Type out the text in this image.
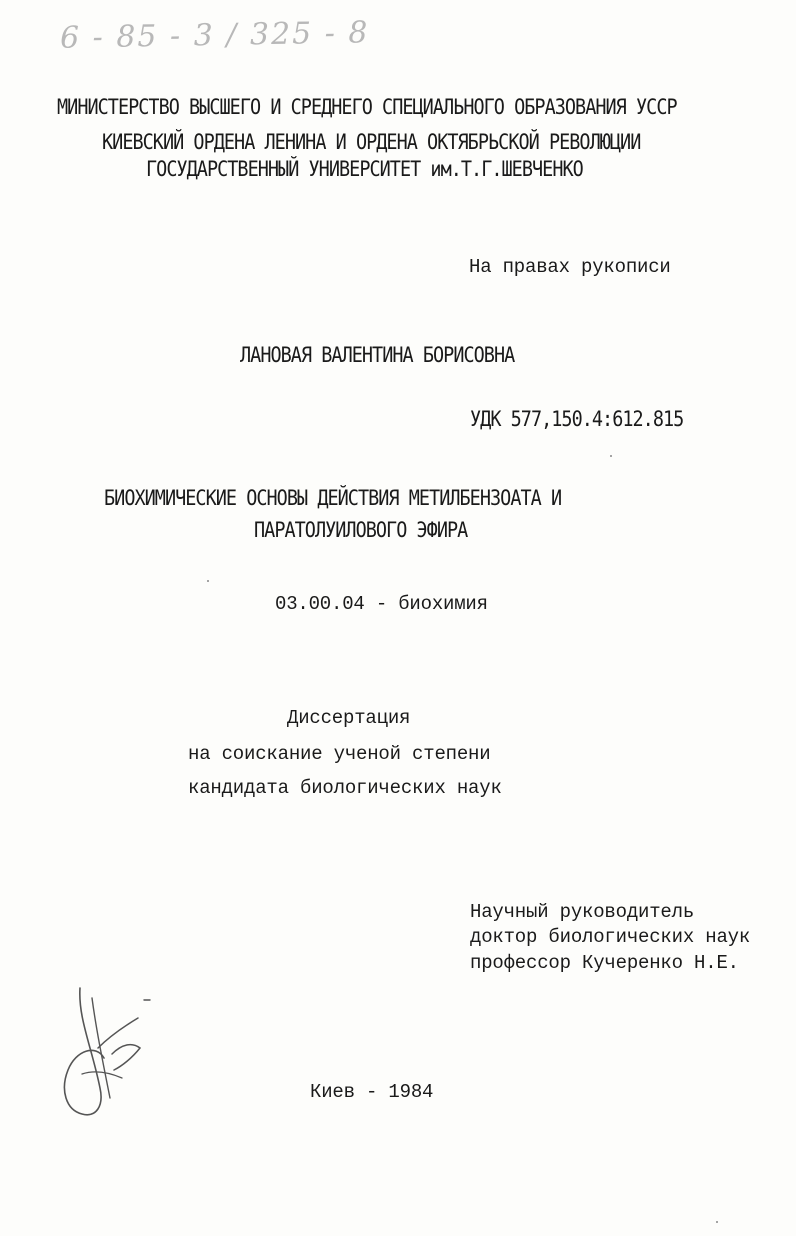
6 - 85 - 3 / 325 - 8
МИНИСТЕРСТВО ВЫСШЕГО И СРЕДНЕГО СПЕЦИАЛЬНОГО ОБРАЗОВАНИЯ УССР
КИЕВСКИЙ ОРДЕНА ЛЕНИНА И ОРДЕНА ОКТЯБРЬСКОЙ РЕВОЛЮЦИИ
ГОСУДАРСТВЕННЫЙ УНИВЕРСИТЕТ им.Т.Г.ШЕВЧЕНКО
На правах рукописи
ЛАНОВАЯ ВАЛЕНТИНА БОРИСОВНА
УДК 577,150.4:612.815
БИОХИМИЧЕСКИЕ ОСНОВЫ ДЕЙСТВИЯ МЕТИЛБЕНЗОАТА И
ПАРАТОЛУИЛОВОГО ЭФИРА
03.00.04 - биохимия
Диссертация
на соискание ученой степени
кандидата биологических наук
Научный руководитель
доктор биологических наук
профессор Кучеренко Н.Е.
Киев - 1984
